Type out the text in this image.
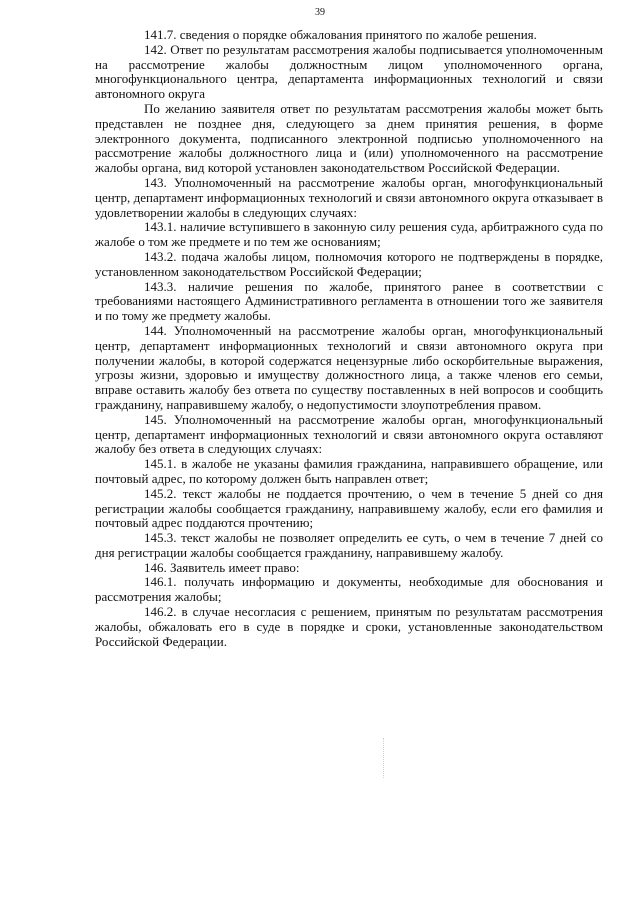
39

141.7. сведения о порядке обжалования принятого по жалобе решения.

142. Ответ по результатам рассмотрения жалобы подписывается уполномоченным на рассмотрение жалобы должностным лицом уполномоченного органа, многофункционального центра, департамента информационных технологий и связи автономного округа

По желанию заявителя ответ по результатам рассмотрения жалобы может быть представлен не позднее дня, следующего за днем принятия решения, в форме электронного документа, подписанного электронной подписью уполномоченного на рассмотрение жалобы должностного лица и (или) уполномоченного на рассмотрение жалобы органа, вид которой установлен законодательством Российской Федерации.

143. Уполномоченный на рассмотрение жалобы орган, многофункциональный центр, департамент информационных технологий и связи автономного округа отказывает в удовлетворении жалобы в следующих случаях:

143.1. наличие вступившего в законную силу решения суда, арбитражного суда по жалобе о том же предмете и по тем же основаниям;

143.2. подача жалобы лицом, полномочия которого не подтверждены в порядке, установленном законодательством Российской Федерации;

143.3. наличие решения по жалобе, принятого ранее в соответствии с требованиями настоящего Административного регламента в отношении того же заявителя и по тому же предмету жалобы.

144. Уполномоченный на рассмотрение жалобы орган, многофункциональный центр, департамент информационных технологий и связи автономного округа при получении жалобы, в которой содержатся нецензурные либо оскорбительные выражения, угрозы жизни, здоровью и имуществу должностного лица, а также членов его семьи, вправе оставить жалобу без ответа по существу поставленных в ней вопросов и сообщить гражданину, направившему жалобу, о недопустимости злоупотребления правом.

145. Уполномоченный на рассмотрение жалобы орган, многофункциональный центр, департамент информационных технологий и связи автономного округа оставляют жалобу без ответа в следующих случаях:

145.1. в жалобе не указаны фамилия гражданина, направившего обращение, или почтовый адрес, по которому должен быть направлен ответ;

145.2. текст жалобы не поддается прочтению, о чем в течение 5 дней со дня регистрации жалобы сообщается гражданину, направившему жалобу, если его фамилия и почтовый адрес поддаются прочтению;

145.3. текст жалобы не позволяет определить ее суть, о чем в течение 7 дней со дня регистрации жалобы сообщается гражданину, направившему жалобу.

146. Заявитель имеет право:

146.1. получать информацию и документы, необходимые для обоснования и рассмотрения жалобы;

146.2. в случае несогласия с решением, принятым по результатам рассмотрения жалобы, обжаловать его в суде в порядке и сроки, установленные законодательством Российской Федерации.
